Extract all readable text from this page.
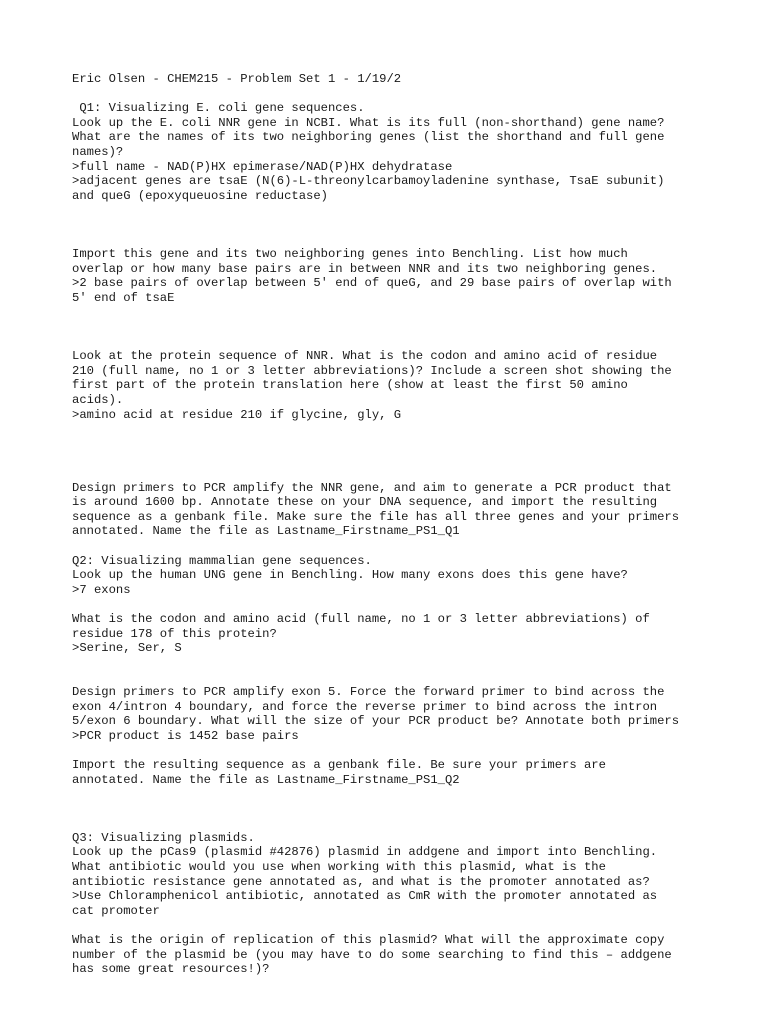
Eric Olsen - CHEM215 - Problem Set 1 - 1/19/2
Q1: Visualizing E. coli gene sequences.
Look up the E. coli NNR gene in NCBI. What is its full (non-shorthand) gene name?
What are the names of its two neighboring genes (list the shorthand and full gene
names)?
>full name - NAD(P)HX epimerase/NAD(P)HX dehydratase
>adjacent genes are tsaE (N(6)-L-threonylcarbamoyladenine synthase, TsaE subunit)
and queG (epoxyqueuosine reductase)
Import this gene and its two neighboring genes into Benchling. List how much
overlap or how many base pairs are in between NNR and its two neighboring genes.
>2 base pairs of overlap between 5' end of queG, and 29 base pairs of overlap with
5' end of tsaE
Look at the protein sequence of NNR. What is the codon and amino acid of residue
210 (full name, no 1 or 3 letter abbreviations)? Include a screen shot showing the
first part of the protein translation here (show at least the first 50 amino
acids).
>amino acid at residue 210 if glycine, gly, G
Design primers to PCR amplify the NNR gene, and aim to generate a PCR product that
is around 1600 bp. Annotate these on your DNA sequence, and import the resulting
sequence as a genbank file. Make sure the file has all three genes and your primers
annotated. Name the file as Lastname_Firstname_PS1_Q1
Q2: Visualizing mammalian gene sequences.
Look up the human UNG gene in Benchling. How many exons does this gene have?
>7 exons
What is the codon and amino acid (full name, no 1 or 3 letter abbreviations) of
residue 178 of this protein?
>Serine, Ser, S
Design primers to PCR amplify exon 5. Force the forward primer to bind across the
exon 4/intron 4 boundary, and force the reverse primer to bind across the intron
5/exon 6 boundary. What will the size of your PCR product be? Annotate both primers
>PCR product is 1452 base pairs
Import the resulting sequence as a genbank file. Be sure your primers are
annotated. Name the file as Lastname_Firstname_PS1_Q2
Q3: Visualizing plasmids.
Look up the pCas9 (plasmid #42876) plasmid in addgene and import into Benchling.
What antibiotic would you use when working with this plasmid, what is the
antibiotic resistance gene annotated as, and what is the promoter annotated as?
>Use Chloramphenicol antibiotic, annotated as CmR with the promoter annotated as
cat promoter
What is the origin of replication of this plasmid? What will the approximate copy
number of the plasmid be (you may have to do some searching to find this – addgene
has some great resources!)?
